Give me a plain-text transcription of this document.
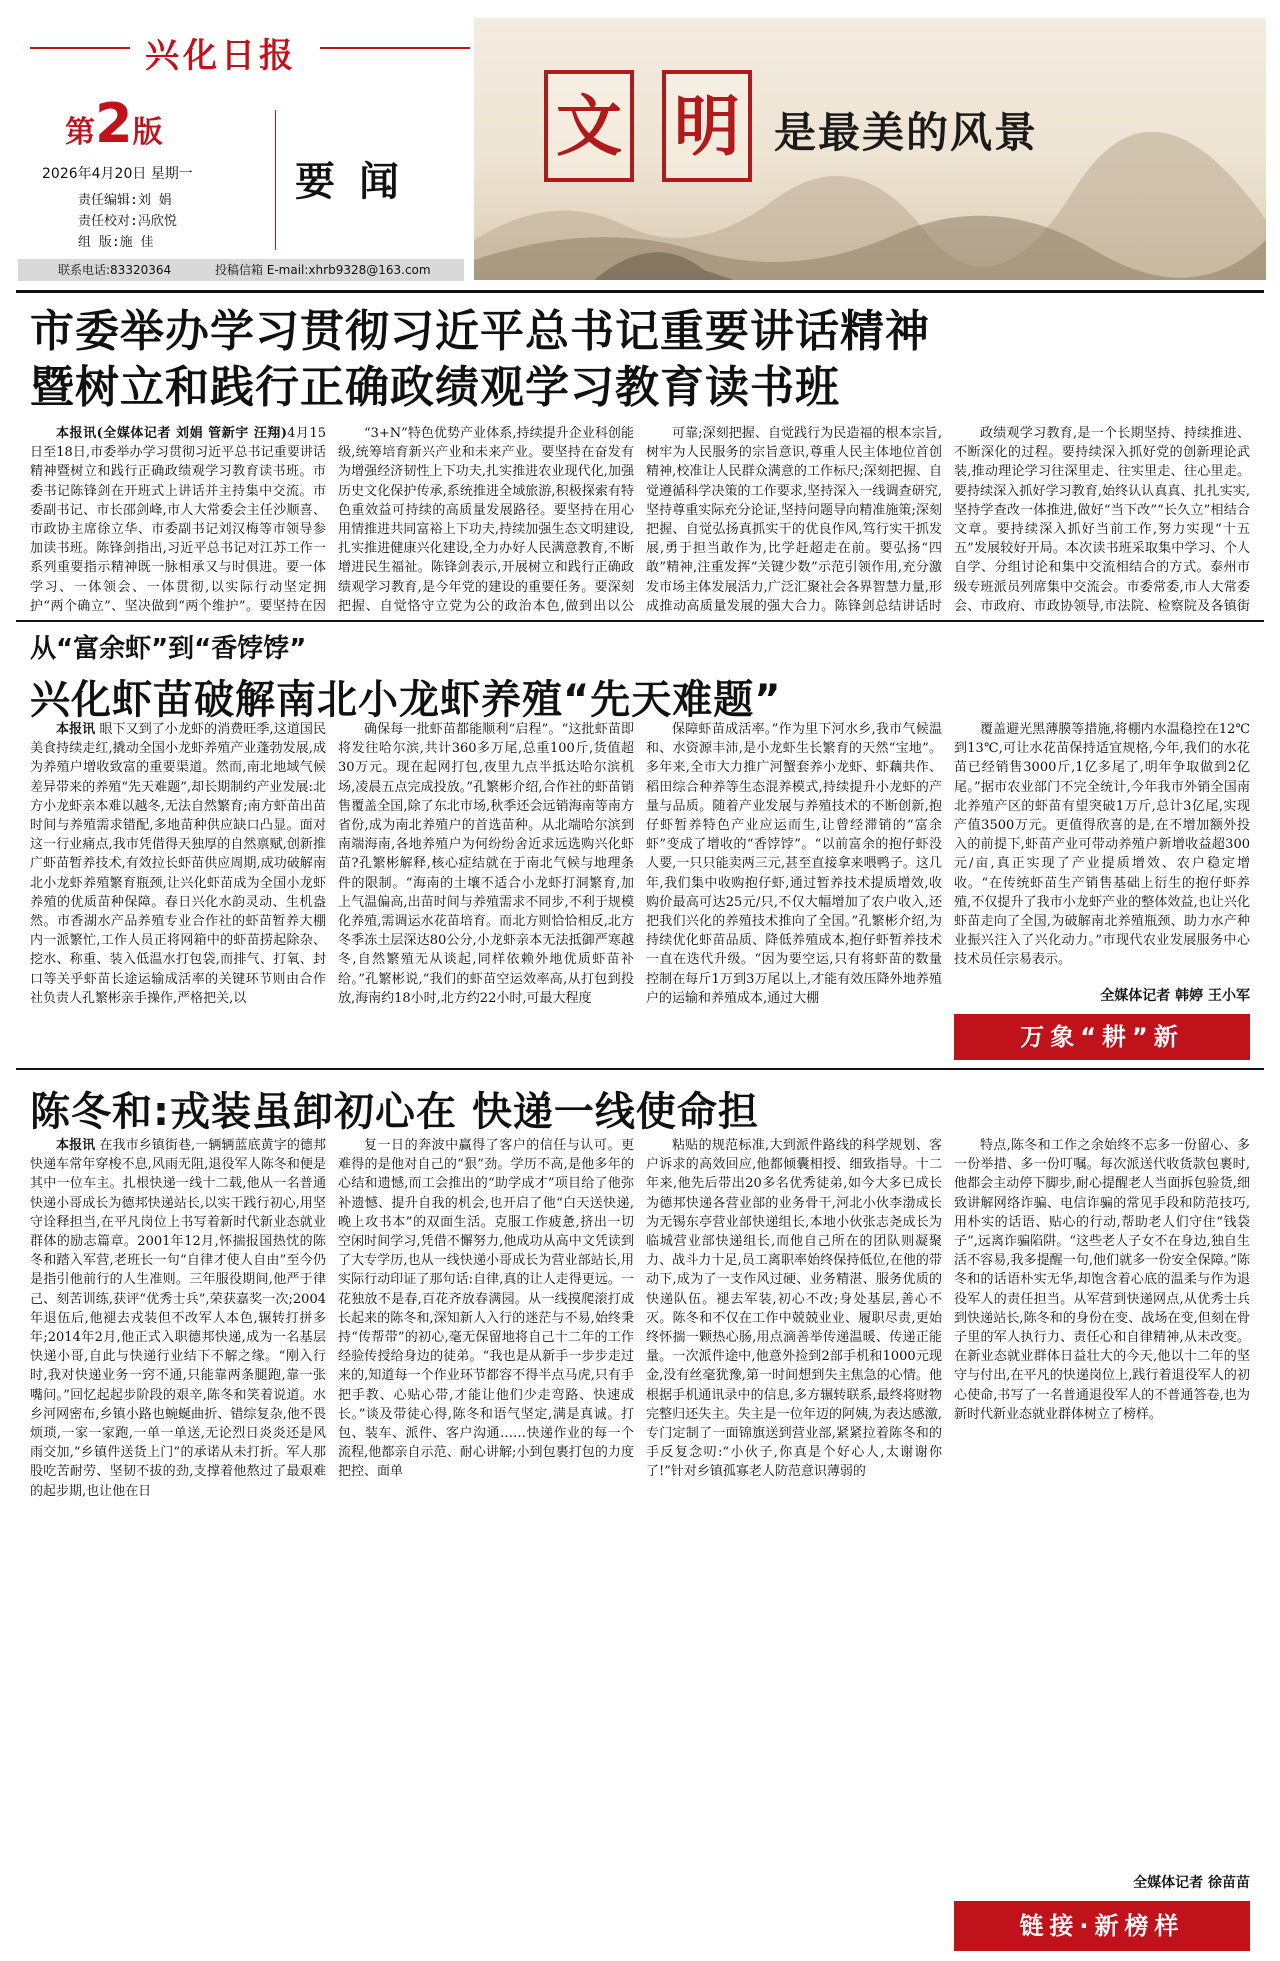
兴化日报
第2版
2026年4月20日 星期一
责任编辑:刘 娟
责任校对:冯欣悦
组 版:施 佳
要闻
联系电话:83320364	投稿信箱 E-mail:xhrb9328@163.com
文 明 是最美的风景
市委举办学习贯彻习近平总书记重要讲话精神
暨树立和践行正确政绩观学习教育读书班

本报讯(全媒体记者 刘娟 管新宇 汪翔)4月15日至18日,市委举办学习贯彻习近平总书记重要讲话精神暨树立和践行正确政绩观学习教育读书班。市委书记陈锋剑在开班式上讲话并主持集中交流。市委副书记、市长邵剑峰,市人大常委会主任沙顺喜、市政协主席徐立华、市委副书记刘汉梅等市领导参加读书班。陈锋剑指出,习近平总书记对江苏工作一系列重要指示精神既一脉相承又与时俱进。要一体学习、一体领会、一体贯彻,以实际行动坚定拥护“两个确立”、坚决做到“两个维护”。要坚持在因

“3+N”特色优势产业体系,持续提升企业科创能级,统筹培育新兴产业和未来产业。要坚持在奋发有为增强经济韧性上下功夫,扎实推进农业现代化,加强历史文化保护传承,系统推进全域旅游,积极探索有特色重效益可持续的高质量发展路径。要坚持在用心用情推进共同富裕上下功夫,持续加强生态文明建设,扎实推进健康兴化建设,全力办好人民满意教育,不断增进民生福祉。陈锋剑表示,开展树立和践行正确政绩观学习教育,是今年党的建设的重要任务。要深刻把握、自觉恪守立党为公的政治本色,做到出以公

可靠;深刻把握、自觉践行为民造福的根本宗旨,树牢为人民服务的宗旨意识,尊重人民主体地位首创精神,校准让人民群众满意的工作标尺;深刻把握、自觉遵循科学决策的工作要求,坚持深入一线调查研究,坚持尊重实际充分论证,坚持问题导向精准施策;深刻把握、自觉弘扬真抓实干的优良作风,笃行实干抓发展,勇于担当敢作为,比学赶超走在前。要弘扬“四敢”精神,注重发挥“关键少数”示范引领作用,充分激发市场主体发展活力,广泛汇聚社会各界智慧力量,形成推动高质量发展的强大合力。陈锋剑总结讲话时

政绩观学习教育,是一个长期坚持、持续推进、不断深化的过程。要持续深入抓好党的创新理论武装,推动理论学习往深里走、往实里走、往心里走。要持续深入抓好学习教育,始终认认真真、扎扎实实,坚持学查改一体推进,做好“当下改”“长久立”相结合文章。要持续深入抓好当前工作,努力实现“十五五”发展较好开局。本次读书班采取集中学习、个人自学、分组讨论和集中交流相结合的方式。泰州市级专班派员列席集中交流会。市委常委,市人大常委会、市政府、市政协领导,市法院、检察院及各镇街

从“富余虾”到“香饽饽”
兴化虾苗破解南北小龙虾养殖“先天难题”

本报讯 眼下又到了小龙虾的消费旺季,这道国民美食持续走红,撬动全国小龙虾养殖产业蓬勃发展,成为养殖户增收致富的重要渠道。然而,南北地域气候差异带来的养殖“先天难题”,却长期制约产业发展:北方小龙虾亲本难以越冬,无法自然繁育;南方虾苗出苗时间与养殖需求错配,多地苗种供应缺口凸显。面对这一行业痛点,我市凭借得天独厚的自然禀赋,创新推广虾苗暂养技术,有效拉长虾苗供应周期,成功破解南北小龙虾养殖繁育瓶颈,让兴化虾苗成为全国小龙虾养殖的优质苗种保障。春日兴化水韵灵动、生机盎然。市香湖水产品养殖专业合作社的虾苗暂养大棚内一派繁忙,工作人员正将网箱中的虾苗捞起除杂、挖水、称重、装入低温水打包袋,而排气、打氧、封口等关乎虾苗长途运输成活率的关键环节则由合作社负责人孔繁彬亲手操作,严格把关,以

确保每一批虾苗都能顺利“启程”。“这批虾苗即将发往哈尔滨,共计360多万尾,总重100斤,货值超30万元。现在起网打包,夜里九点半抵达哈尔滨机场,凌晨五点完成投放。”孔繁彬介绍,合作社的虾苗销售覆盖全国,除了东北市场,秋季还会远销海南等南方省份,成为南北养殖户的首选苗种。从北端哈尔滨到南端海南,各地养殖户为何纷纷舍近求远选购兴化虾苗?孔繁彬解释,核心症结就在于南北气候与地理条件的限制。“海南的土壤不适合小龙虾打洞繁育,加上气温偏高,出苗时间与养殖需求不同步,不利于规模化养殖,需调运水花苗培育。而北方则恰恰相反,北方冬季冻土层深达80公分,小龙虾亲本无法抵御严寒越冬,自然繁殖无从谈起,同样依赖外地优质虾苗补给。”孔繁彬说,“我们的虾苗空运效率高,从打包到投放,海南约18小时,北方约22小时,可最大程度

保障虾苗成活率。”作为里下河水乡,我市气候温和、水资源丰沛,是小龙虾生长繁育的天然“宝地”。多年来,全市大力推广河蟹套养小龙虾、虾藕共作、稻田综合种养等生态混养模式,持续提升小龙虾的产量与品质。随着产业发展与养殖技术的不断创新,抱仔虾暂养特色产业应运而生,让曾经滞销的“富余虾”变成了增收的“香饽饽”。“以前富余的抱仔虾没人要,一只只能卖两三元,甚至直接拿来喂鸭子。这几年,我们集中收购抱仔虾,通过暂养技术提质增效,收购价最高可达25元/只,不仅大幅增加了农户收入,还把我们兴化的养殖技术推向了全国。”孔繁彬介绍,为持续优化虾苗品质、降低养殖成本,抱仔虾暂养技术一直在迭代升级。“因为要空运,只有将虾苗的数量控制在每斤1万到3万尾以上,才能有效压降外地养殖户的运输和养殖成本,通过大棚

覆盖避光黑薄膜等措施,将棚内水温稳控在12℃到13℃,可让水花苗保持适宜规格,今年,我们的水花苗已经销售3000斤,1亿多尾了,明年争取做到2亿尾。”据市农业部门不完全统计,今年我市外销全国南北养殖产区的虾苗有望突破1万斤,总计3亿尾,实现产值3500万元。更值得欣喜的是,在不增加额外投入的前提下,虾苗产业可带动养殖户新增收益超300元/亩,真正实现了产业提质增效、农户稳定增收。“在传统虾苗生产销售基础上衍生的抱仔虾养殖,不仅提升了我市小龙虾产业的整体效益,也让兴化虾苗走向了全国,为破解南北养殖瓶颈、助力水产种业振兴注入了兴化动力。”市现代农业发展服务中心技术员任宗易表示。

全媒体记者 韩婷 王小军
万象“耕”新
陈冬和:戎装虽卸初心在 快递一线使命担

本报讯 在我市乡镇街巷,一辆辆蓝底黄字的德邦快递车常年穿梭不息,风雨无阻,退役军人陈冬和便是其中一位车主。扎根快递一线十二载,他从一名普通快递小哥成长为德邦快递站长,以实干践行初心,用坚守诠释担当,在平凡岗位上书写着新时代新业态就业群体的励志篇章。2001年12月,怀揣报国热忱的陈冬和踏入军营,老班长一句“自律才使人自由”至今仍是指引他前行的人生准则。三年服役期间,他严于律己、刻苦训练,获评“优秀士兵”,荣获嘉奖一次;2004年退伍后,他褪去戎装但不改军人本色,辗转打拼多年;2014年2月,他正式入职德邦快递,成为一名基层快递小哥,自此与快递行业结下不解之缘。“刚入行时,我对快递业务一窍不通,只能靠两条腿跑,靠一张嘴问。”回忆起起步阶段的艰辛,陈冬和笑着说道。水乡河网密布,乡镇小路也蜿蜒曲折、错综复杂,他不畏烦琐,一家一家跑,一单一单送,无论烈日炎炎还是风雨交加,“乡镇件送货上门”的承诺从未打折。军人那股吃苦耐劳、坚韧不拔的劲,支撑着他熬过了最艰难的起步期,也让他在日

复一日的奔波中赢得了客户的信任与认可。更难得的是他对自己的“狠”劲。学历不高,是他多年的心结和遗憾,而工会推出的“助学成才”项目给了他弥补遗憾、提升自我的机会,也开启了他“白天送快递,晚上攻书本”的双面生活。克服工作疲惫,挤出一切空闲时间学习,凭借不懈努力,他成功从高中文凭读到了大专学历,也从一线快递小哥成长为营业部站长,用实际行动印证了那句话:自律,真的让人走得更远。一花独放不是春,百花齐放春满园。从一线摸爬滚打成长起来的陈冬和,深知新人入行的迷茫与不易,始终秉持“传帮带”的初心,毫无保留地将自己十二年的工作经验传授给身边的徒弟。“我也是从新手一步步走过来的,知道每一个作业环节都容不得半点马虎,只有手把手教、心贴心带,才能让他们少走弯路、快速成长。”谈及带徒心得,陈冬和语气坚定,满是真诚。打包、装车、派件、客户沟通……快递作业的每一个流程,他都亲自示范、耐心讲解;小到包裹打包的力度把控、面单

粘贴的规范标准,大到派件路线的科学规划、客户诉求的高效回应,他都倾囊相授、细致指导。十二年来,他先后带出20多名优秀徒弟,如今大多已成长为德邦快递各营业部的业务骨干,河北小伙李渤成长为无锡东亭营业部快递组长,本地小伙张志尧成长为临城营业部快递组长,而他自己所在的团队则凝聚力、战斗力十足,员工离职率始终保持低位,在他的带动下,成为了一支作风过硬、业务精湛、服务优质的快递队伍。褪去军装,初心不改;身处基层,善心不灭。陈冬和不仅在工作中兢兢业业、履职尽责,更始终怀揣一颗热心肠,用点滴善举传递温暖、传递正能量。一次派件途中,他意外捡到2部手机和1000元现金,没有丝毫犹豫,第一时间想到失主焦急的心情。他根据手机通讯录中的信息,多方辗转联系,最终将财物完整归还失主。失主是一位年迈的阿姨,为表达感激,专门定制了一面锦旗送到营业部,紧紧拉着陈冬和的手反复念叨:“小伙子,你真是个好心人,太谢谢你了!”针对乡镇孤寡老人防范意识薄弱的

特点,陈冬和工作之余始终不忘多一份留心、多一份举措、多一份叮嘱。每次派送代收货款包裹时,他都会主动停下脚步,耐心提醒老人当面拆包验货,细致讲解网络诈骗、电信诈骗的常见手段和防范技巧,用朴实的话语、贴心的行动,帮助老人们守住“钱袋子”,远离诈骗陷阱。“这些老人子女不在身边,独自生活不容易,我多提醒一句,他们就多一份安全保障。”陈冬和的话语朴实无华,却饱含着心底的温柔与作为退役军人的责任担当。从军营到快递网点,从优秀士兵到快递站长,陈冬和的身份在变、战场在变,但刻在骨子里的军人执行力、责任心和自律精神,从未改变。在新业态就业群体日益壮大的今天,他以十二年的坚守与付出,在平凡的快递岗位上,践行着退役军人的初心使命,书写了一名普通退役军人的不普通答卷,也为新时代新业态就业群体树立了榜样。

全媒体记者 徐苗苗
链接·新榜样
